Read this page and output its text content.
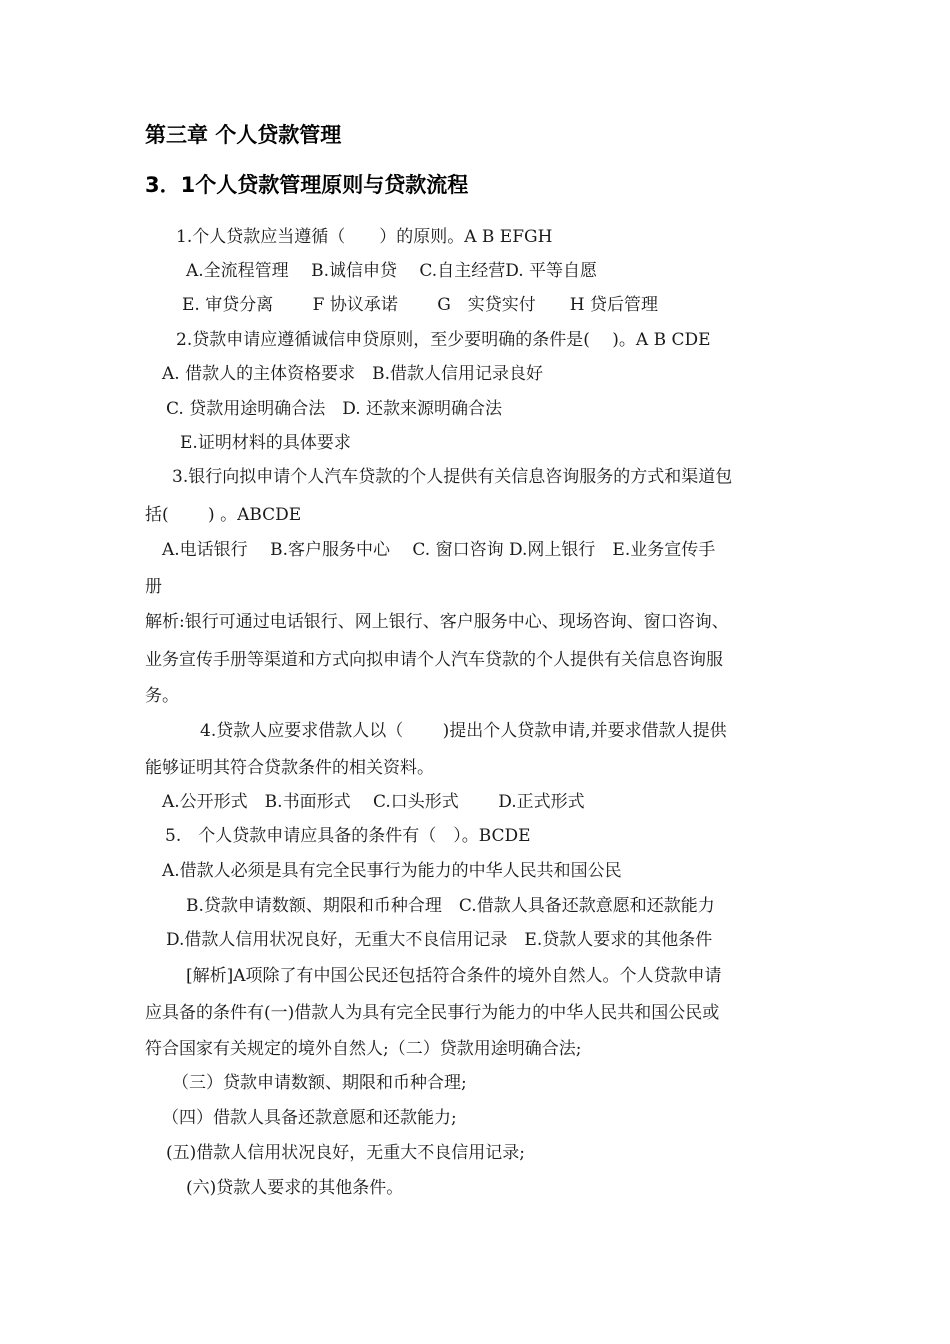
第三章 个人贷款管理
3．1个人贷款管理原则与贷款流程
1.个人贷款应当遵循（　　）的原则。A B EFGH
A.全流程管理　 B.诚信申贷　 C.自主经营D. 平等自愿
E. 审贷分离　　 F 协议承诺　　 G　实贷实付　　H 贷后管理
2.贷款申请应遵循诚信申贷原则，至少要明确的条件是(　 )。A B CDE
A. 借款人的主体资格要求　B.借款人信用记录良好
C. 贷款用途明确合法　D. 还款来源明确合法
E.证明材料的具体要求
3.银行向拟申请个人汽车贷款的个人提供有关信息咨询服务的方式和渠道包
括(　　 ) 。ABCDE
A.电话银行　 B.客户服务中心　 C. 窗口咨询 D.网上银行　E.业务宣传手
册
解析:银行可通过电话银行、网上银行、客户服务中心、现场咨询、窗口咨询、
业务宣传手册等渠道和方式向拟申请个人汽车贷款的个人提供有关信息咨询服
务。
4.贷款人应要求借款人以（　　 )提出个人贷款申请,并要求借款人提供
能够证明其符合贷款条件的相关资料。
A.公开形式　B.书面形式　 C.口头形式　　 D.正式形式
5.　个人贷款申请应具备的条件有（　）。BCDE
A.借款人必须是具有完全民事行为能力的中华人民共和国公民
B.贷款申请数额、期限和币种合理　C.借款人具备还款意愿和还款能力
D.借款人信用状况良好，无重大不良信用记录　E.贷款人要求的其他条件
[解析]A项除了有中国公民还包括符合条件的境外自然人。个人贷款申请
应具备的条件有(一)借款人为具有完全民事行为能力的中华人民共和国公民或
符合国家有关规定的境外自然人;（二）贷款用途明确合法;
（三）贷款申请数额、期限和币种合理;
（四）借款人具备还款意愿和还款能力;
(五)借款人信用状况良好，无重大不良信用记录;
(六)贷款人要求的其他条件。
